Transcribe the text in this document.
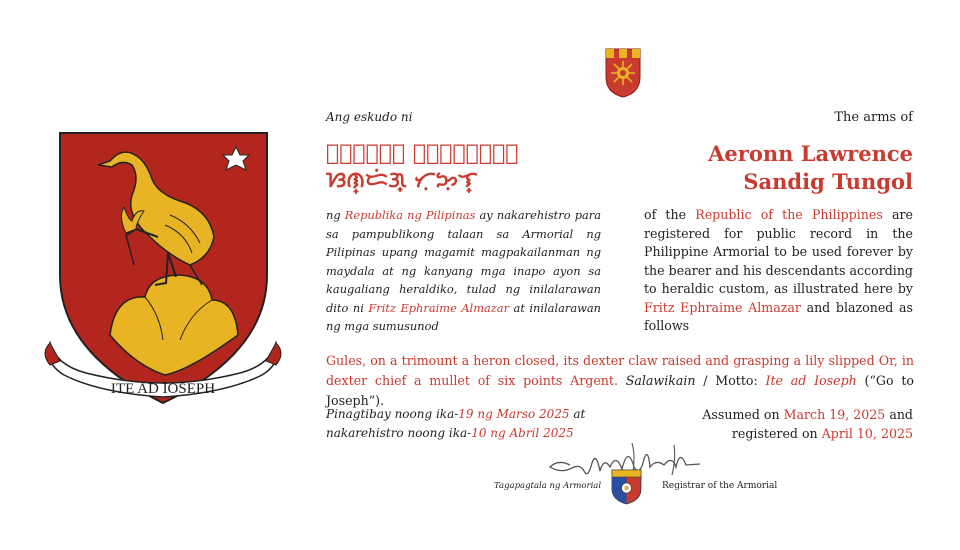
ITE AD IOSEPH
Ang eskudo ni	The arms of
ᜀᜒᜇᜓᜈ᜔ ᜎᜓᜇᜒᜈ᜔ᜐ᜔
ᜐᜈ᜔ᜇᜒᜄ᜔ ᜆᜓᜅᜓᜎ᜔
Aeronn Lawrence
Sandig Tungol
ng Republika ng Pilipinas ay nakarehistro para sa pampublikong talaan sa Armorial ng Pilipinas upang magamit magpakailanman ng maydala at ng kanyang mga inapo ayon sa kaugaliang heraldiko, tulad ng inilalarawan dito ni Fritz Ephraime Almazar at inilalarawan ng mga sumusunod
of the Republic of the Philippines are registered for public record in the Philippine Armorial to be used forever by the bearer and his descendants according to heraldic custom, as illustrated here by Fritz Ephraime Almazar and blazoned as follows
Gules, on a trimount a heron closed, its dexter claw raised and grasping a lily slipped Or, in dexter chief a mullet of six points Argent. Salawikain / Motto: Ite ad Ioseph (“Go to Joseph”).
Pinagtibay noong ika-19 ng Marso 2025 at
nakarehistro noong ika-10 ng Abril 2025
Assumed on March 19, 2025 and
registered on April 10, 2025
Tagapagtala ng Armorial	Registrar of the Armorial
